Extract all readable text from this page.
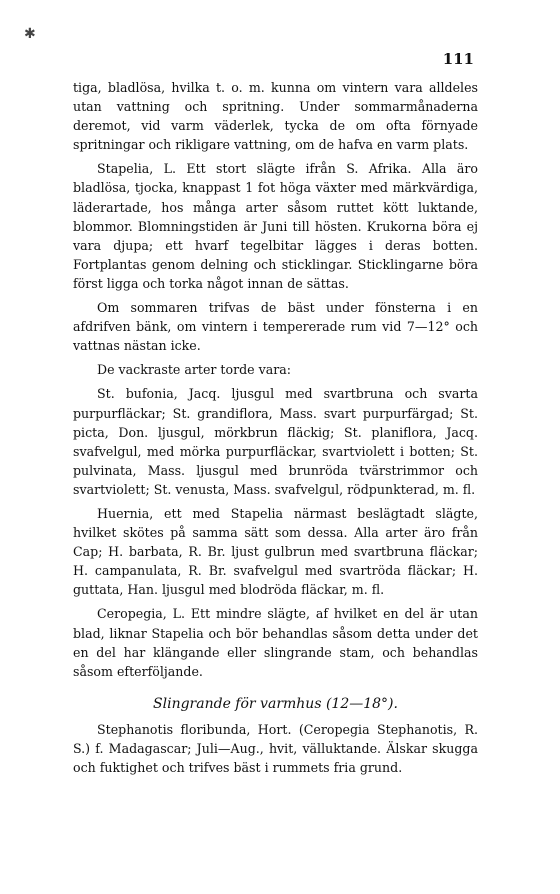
✱
111

tiga, bladlösa, hvilka t. o. m. kunna om vintern vara alldeles utan vattning och spritning. Under sommarmånaderna deremot, vid varm väderlek, tycka de om ofta förnyade spritningar och rikligare vattning, om de hafva en varm plats.

Stapelia, L. Ett stort slägte ifrån S. Afrika. Alla äro bladlösa, tjocka, knappast 1 fot höga växter med märkvärdiga, läderartade, hos många arter såsom ruttet kött luktande, blommor. Blomningstiden är Juni till hösten. Krukorna böra ej vara djupa; ett hvarf tegelbitar lägges i deras botten. Fortplantas genom delning och sticklingar. Sticklingarne böra först ligga och torka något innan de sättas.

Om sommaren trifvas de bäst under fönsterna i en afdrifven bänk, om vintern i tempererade rum vid 7—12° och vattnas nästan icke.

De vackraste arter torde vara:

St. bufonia, Jacq. ljusgul med svartbruna och svarta purpurfläckar; St. grandiflora, Mass. svart purpurfärgad; St. picta, Don. ljusgul, mörkbrun fläckig; St. planiflora, Jacq. svafvelgul, med mörka purpurfläckar, svartviolett i botten; St. pulvinata, Mass. ljusgul med brunröda tvärstrimmor och svartviolett; St. venusta, Mass. svafvelgul, rödpunkterad, m. fl.

Huernia, ett med Stapelia närmast beslägtadt slägte, hvilket skötes på samma sätt som dessa. Alla arter äro från Cap; H. barbata, R. Br. ljust gulbrun med svartbruna fläckar; H. campanulata, R. Br. svafvelgul med svartröda fläckar; H. guttata, Han. ljusgul med blodröda fläckar, m. fl.

Ceropegia, L. Ett mindre slägte, af hvilket en del är utan blad, liknar Stapelia och bör behandlas såsom detta under det en del har klängande eller slingrande stam, och behandlas såsom efterföljande.

Slingrande för varmhus (12—18°).

Stephanotis floribunda, Hort. (Ceropegia Stephanotis, R. S.) f. Madagascar; Juli—Aug., hvit, välluktande. Älskar skugga och fuktighet och trifves bäst i rummets fria grund.
